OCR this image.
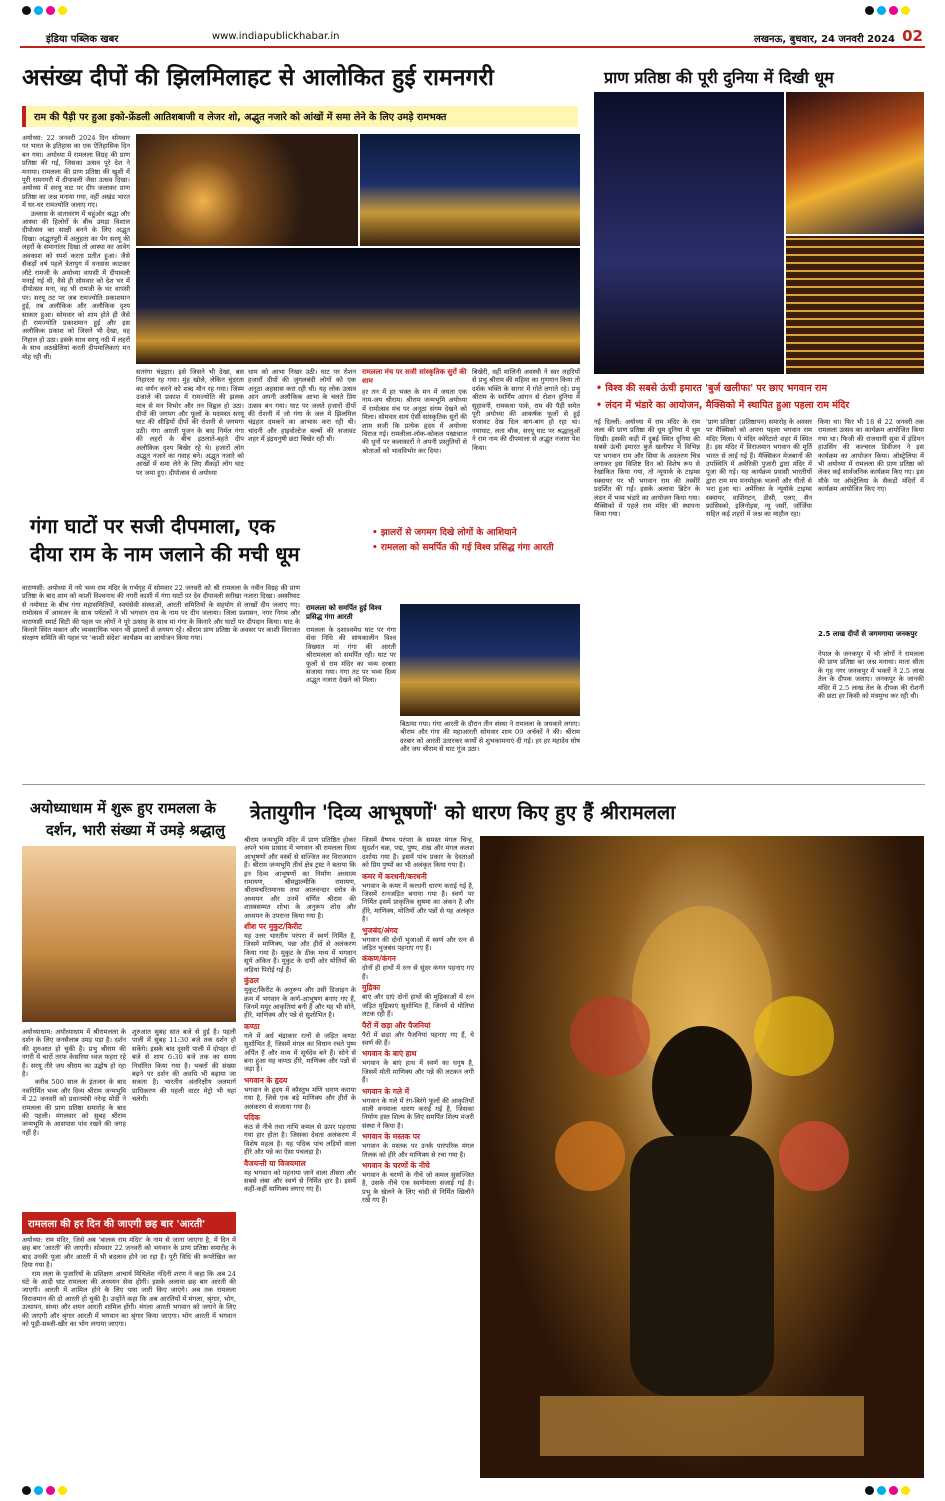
इंडिया पब्लिक खबर	www.indiapublickhabar.in	लखनऊ, बुधवार, 24 जनवरी 2024 02
असंख्य दीपों की झिलमिलाहट से आलोकित हुई रामनगरी
राम की पैड़ी पर हुआ इको-फ्रेंडली आतिशबाजी व लेजर शो, अद्भुत नजारे को आंखों में समा लेने के लिए उमड़े रामभक्त
अयोध्या: 22 जनवरी 2024 दिन सोमवार पर भारत के इतिहास का एक ऐतिहासिक दिन बन गया। अयोध्या में रामलला विग्रह की प्राण प्रतिष्ठा की गई, जिसका उत्सव पूरे देश ने मनाया। रामलला की प्राण प्रतिष्ठा की खुशी में पूरी रामनगरी में दीपावली जैसा उत्सव दिखा। अयोध्या में सरयू घाट पर दीप जलाकर प्राण प्रतिष्ठा का जश्न मनाया गया, वहीं अखंड भारत में घर-घर रामज्योति जलाए गए।
उल्लास के वातावरण में चहुंओर श्रद्धा और आस्था की हिलोरों के बीच उमड़ा विशाल दीपोत्सव का साक्षी बनने के लिए अद्भुत दिखा। अद्भुतपुरी में अलुहता का पेग सरयू की लहरों के समानांतर दिखा तो आस्था का आवेग अवकाश को स्पर्श करता प्रतीत हुआ। जैसे सैंकड़ों वर्ष पहले त्रेतायुग में वनवास काटकर लौटे रामजी के अयोध्या वापसी में दीपावली मनाई गई थी, वैसे ही सोमवार को देश भर में दीपोत्सव मना, वह भी रामजी के घर वापसी पर। सरयू तट पर जब रामज्योति प्रकाशमान हुई, तब अलौकिक और अलौकिक दृश्य साकार हुआ। सोमवार को शाम होते ही जैसे ही रामज्योति प्रकाशमान हुई और इस अलौकिक प्रकाश को जिसने भी देखा, वह निहाल हो उठा। इसके साथ सरयू नदी में लहरों के साथ अठखेलियां करती दीपमालिकाएं मन मोह रही थीं।
सतरंगा चंद्रहार। इसे जिसने भी देखा, बस निहारता रह गया। मुंह खोले, लेकिन चुंदरता का वर्णन करने को शब्द मौन रह गया। जिस्म उजाले की प्रकाश में रामज्योति की झलक मात्र से मन विभोर और तन विह्वल हो उठा। दीपों की जगमग और फूलों के मदमस्त सरयू घाट की सीढ़ियों दीपों की रोशनी से जगमगा उठी। गंगा आरती पूजन के बाद निर्मल गंगा की लहरों के बीच इठलाते-बहते दीप अलौकिक दृश्य बिखेर रहे थे। हजारों लोग अद्भुत नजारे का गवाह बने। अद्भुत नजारे को आंखों में समा लेने के लिए सैंकड़ों लोग घाट पर जमा हुए। दीपोत्सव से अयोध्या
धाम को आभा निखर उठी। घाट पर रोशन हजारों दीपों की जुगलबंदी लोगों को एक अनूठा अहसास करा रही थी। यह लोक उत्सव आन अपनी अलौकिक आभा के चलते प्रिय उत्सव बन गया। घाट पर जलते हजारों दीपों की रोशनी में जो गंगा के जल में झिलमिल चंद्रहार दमकने का आभास करा रही थी। चांदनी और हाइवोल्टेज बल्बों की सजावट शहर में इंद्रधनुषी छटा बिखेर रही थी।
रामलला मंच पर सजी सांस्कृतिक सुरों की शाम
हर तन में हर भक्त के मन में जयता एक नाम-जय श्रीराम। श्रीराम जन्मभूमि अयोध्या में रामोत्सव मंच पर अनूठा संगम देखने को मिला। सोमवार सायं ऐसी सांस्कृतिक सुरों की शाम सजी कि प्रत्येक हृदय में अयोध्या विराज गई। रामलीला-लोक-कोकल पखावाज की धुनों पर कलाकारों ने अपनी प्रस्तुतियों से श्रोताओं को भावविभोर कर दिया।
बिखेरी, वहीं मालिनी अवस्थी ने स्वर लहरियों से प्रभु श्रीराम की महिमा का गुणगान किया तो दर्शक भक्ति के सागर में गोते लगाते रहे। प्रभु श्रीराम के स्वर्णिम आंगन से रोशन दुनिया में सुहावनी, रामकथा पार्क, राम की पैड़ी समेत पूरी अयोध्या की आकर्षक फूलों से हुई सजावट देख दिल बाग-बाग हो रहा था। नयाघाट, लता चौक, सरयू घाट पर श्रद्धालुओं ने राम नाम की दीपमाला से अद्भुत नजारा पेश किया।
प्राण प्रतिष्ठा की पूरी दुनिया में दिखी धूम
• विश्व की सबसे ऊंची इमारत 'बुर्ज खलीफा' पर छाए भगवान राम
• लंदन में भंडारे का आयोजन, मैक्सिको में स्थापित हुआ पहला राम मंदिर
नई दिल्ली: अयोध्या में राम मंदिर के राम लला की प्राण प्रतिष्ठा की धूम दुनिया में धूम दिखी। इसकी कड़ी में दुबई स्थित दुनिया की सबसे ऊंची इमारत बुर्ज खलीफा में विभिन्न पर भगवान राम और सिया के अवतरण चित्र लगाकर इस विशिष्ट दिन को विशेष रूप से रेखांकित किया गया, तो न्यूयार्क के टाइम्स स्क्वायर पर भी भगवान राम की तस्वीरें प्रदर्शित की गईं। इसके अलावा ब्रिटेन के लंदन में भव्य भंडारे का आयोजन किया गया। मैक्सिको में पहले राम मंदिर की स्थापना किया गया।
'प्राण प्रतिष्ठा' (प्रतिष्ठापन) समारोह के अवसर पर मैक्सिको को अपना पहला भगवान राम मंदिर मिला। ये मंदिर क्वेरेटारो शहर में स्थित है। इस मंदिर में विराजमान भगवान की मूर्ति भारत से लाई गई हैं। मैक्सिकन मेजबानों की उपस्थिति में अमेरिकी पुजारी द्वारा मंदिर में पूजा की गई। यह कार्यक्रम प्रवासी भारतीयों द्वारा राम मय मनमोहक भजनों और गीतों से भरा हुआ था। अमेरिका के न्यूयॉर्क टाइम्स स्क्वायर, वाशिंगटन, डीसी, एलए, सैन फ्रांसिस्को, इलिनोइस, न्यू जर्सी, जॉर्जिया सहित कई शहरों में जश्न का माहौल रहा।
किया था। फिर भी 18 से 22 जनवरी तक रामलला उत्सव का कार्यक्रम आयोजित किया गया था। फिजी की राजधानी सुवा में इंडियन हाउसिंग की कल्चरल डिवीजन ने इस कार्यक्रम का आयोजन किया। ऑस्ट्रेलिया में भी अयोध्या में रामलला की प्राण प्रतिष्ठा को लेकर कई सार्वजनिक कार्यक्रम किए गए। इस मौके पर ऑस्ट्रेलिया के सैकड़ों मंदिरों में कार्यक्रम आयोजित किए गए।
2.5 लाख दीपों से जगमगाया जनकपुर
नेपाल के जनकपुर में भी लोगों ने रामलला की प्राण प्रतिष्ठा का जश्न मनाया। माता सीता के गृह नगर जनकपुर में भक्तों ने 2.5 लाख तेल के दीपक जलाए। जनकपुर के जानकी मंदिर में 2.5 लाख तेल के दीपक की रोशनी की छटा हर किसी को मंत्रमुग्ध कर रही थी।
गंगा घाटों पर सजी दीपमाला, एक
दीया राम के नाम जलाने की मची धूम
• झालरों से जगमग दिखे लोगों के आशियाने
• रामलला को समर्पित की गई विश्व प्रसिद्ध गंगा आरती
वाराणसी: अयोध्या में नये भव्य राम मंदिर के गर्भगृह में सोमवार 22 जनवरी को श्री रामलला के नवीन विग्रह की प्राण प्रतिष्ठा के बाद शाम को काशी विश्वनाथ की नगरी काशी में गंगा घाटों पर देव दीपावली सरीखा नजारा दिखा। अस्सीघाट से नमोघाट के बीच गंगा महासमितियों, स्वयंसेवी संस्थाओं, आरती समितियों के सहयोग से लाखों दीप जलाए गए। रामोत्सव में आमजन के साथ पर्यटकों ने भी भगवान राम के नाम पर दीप जलाया। जिला प्रशासन, नगर निगम और वाराणसी स्मार्ट सिटी की पहल पर लोगों ने पूरे उत्साह के साथ मां गंगा के किनारे और घाटों पर दीपदान किया। घाट के किनारे स्थित मकान और व्यवसायिक भवन भी झालरों से जगमग रहे। श्रीराम प्राण प्रतिष्ठा के अवसर पर काशी विराजत संरक्षण समिति की पहल पर 'काशी संदेश' कार्यक्रम का आयोजन किया गया।
रामलला को समर्पित हुई विश्व प्रसिद्ध गंगा आरती
रामलला के दशाश्वमेध घाट पर गंगा सेवा निधि की सांयकालीन विश्व विख्यात मां गंगा की आरती श्रीरामलला को समर्पित रही। घाट पर फूलों से राम मंदिर का भव्य दरबार सजाया गया। गंगा तट पर भव्य दिव्य अद्भुत नजारा देखने को मिला।
बिठाया गया। गंगा आरती के दौरान तीन संस्था ने रामलला के जयकारे लगाए। श्रीराम और गंगा की महाआरती सोमवार शाम 09 अर्चकों ने की। श्रीराम दरबार को आरती उतारकर कार्यों से शुभकामनाएं दी गई। हर हर महादेव घोष और जय श्रीराम से घाट गूंज उठा।
अयोध्याधाम में शुरू हुए रामलला के
दर्शन, भारी संख्या में उमड़े श्रद्धालु
अयोध्याधाम: अयोध्याधाम में श्रीरामलला के दर्शन के लिए जनसैलाब उमड़ पड़ा है। दर्शन की शुरुआत हो चुकी है। प्रभु श्रीराम की नगरी में चारों तरफ केसरिया ध्वज फहरा रहे हैं। सरयू तीरे जय श्रीराम का उद्घोष हो रहा है।
करीब 500 साल के इंतजार के बाद नवनिर्मित भव्य और दिव्य श्रीराम जन्मभूमि में 22 जनवरी को प्रधानमंत्री नरेन्द्र मोदी ने रामलला की प्राण प्रतिष्ठा समारोह के बाद की पहली। मंगलवार को सुबह श्रीराम जन्मभूमि के आसपास पांव रखने की जगह नहीं है।
शुरुआत सुबह सात बजे से हुई है। पहली पाली में सुबह 11:30 बजे तक दर्शन हो सकेंगे। इसके बाद दूसरी पाली में दोपहर दो बजे से शाम 6:30 बजे तक का समय निर्धारित किया गया है। भक्तों की संख्या बढ़ने पर दर्शन की अवधि भी बढ़ाया जा सकता है। भारतीय अंतरिक्षीय जलमार्ग प्राधिकरण की पहली वाटर मेट्रो भी यहां चलेगी।
रामलला की हर दिन की जाएगी छह बार 'आरती'
अयोध्या: राम मंदिर, जिसे अब 'बालक राम मंदिर' के नाम से जाना जाएगा है, में दिन में छह बार 'आरती' की जाएगी। सोमवार 22 जनवरी को भगवान के प्राण प्रतिष्ठा समारोह के बाद उनकी पूजा और आरती में भी बदलाव होने जा रहा है। पूरी विधि की रूपरेखित कर दिया गया है।
राम लला के पुजारियों के प्रशिक्षण आचार्य मिथिलेश नंदिनी शरण ने कहा कि अब 24 घंटे के आदी घाट रामलला की अध्ययन सेवा होगी। इसके अलावा छह बार आरती की जाएगी। आरती में शामिल होने के लिए पास जारी किए जाएंगे। अब तक रामलला विराजमान की दो आरती हो चुकी है। उन्होंने कहा कि अब आरतियों में मंगला, श्रृंगार, भोग, उत्थापन, संध्या और शयन आरती शामिल होंगी। मंगला आरती भगवान को जगाने के लिए की जाएगी और श्रृंगार आरती में भगवान का श्रृंगार किया जाएगा। भोग आरती में भगवान को पूड़ी-सब्जी-खीर का भोग लगाया जाएगा।
त्रेतायुगीन 'दिव्य आभूषणों' को धारण किए हुए हैं श्रीरामलला
श्रीराम जन्मभूमि मंदिर में प्राण प्रतिष्ठित होकर अपने भव्य प्रासाद में भगवान श्री रामलला दिव्य आभूषणों और वस्त्रों से सज्जित कर विराजमान हैं। श्रीराम जन्मभूमि तीर्थ क्षेत्र ट्रस्ट ने बताया कि इन दिव्य आभूषणों का निर्माण अध्यात्म रामायण, श्रीमद्वाल्मीकि रामायण, श्रीरामचरितमानस तथा आलवन्दार स्तोत्र के अध्ययन और उनमें वर्णित श्रीराम की शास्त्रसम्मत शोभा के अनुरूप शोध और अध्ययन के उपरान्त किया गया है।
शीश पर मुकुट/किरीट
यह उत्तर भारतीय परंपरा में स्वर्ण निर्मित है, जिसमें माणिक्य, पन्ना और हीरों से अलंकरण किया गया है। मुकुट के ठीक मध्य में भगवान सूर्य अंकित हैं। मुकुट के दायीं ओर मोतियों की लड़ियां पिरोई गई हैं।
कुंडल
मुकुट/किरीट के अनुरूप और उसी डिजाइन के क्रम में भगवान के कर्ण-आभूषण बनाए गए हैं, जिनमें मयूर आकृतियां बनी हैं और यह भी सोने, हीरे, माणिक्य और पन्ने से सुशोभित है।
कण्ठा
गले में अर्ध चंद्राकार रत्नों से जड़ित कण्ठा सुशोभित है, जिसमें मंगल का विधान रचते पुष्प अर्पित हैं और मध्य में सूर्यदेव बने हैं। सोने से बना हुआ यह कण्ठा हीरे, माणिक्य और पन्नों से जड़ा है।
भगवान के हृदय
भगवान के हृदय में कौस्तुभ मणि धारण कराया गया है, जिसे एक बड़े माणिक्य और हीरों के अलंकरण से सजाया गया है।
पदिक
कंठ से नीचे तथा नाभि कमल से ऊपर पहनाया गया हार होता है। जिसका देवता अलंकरण में विशेष महत्व है। यह पदिक पांच लड़ियों वाला हीरे और पन्ने का ऐसा पंचलड़ा है।
वैजयन्ती या विजयमाल
यह भगवान को पहनाया जाने वाला तीसरा और सबसे लंबा और स्वर्ण से निर्मित हार है। इसमें कहीं-कहीं माणिक्य लगाए गए हैं।
जिसमें वैष्णव परंपरा के समस्त मंगल चिन्ह, सुदर्शन चक्र, पद्म, पुष्प, शंख और मंगल कलश दर्शाया गया है। इसमें पांच प्रकार के देवताओं को प्रिय पुष्पों का भी अलंकृत किया गया है।
कमर में करधनी/करधनी
भगवान के कमर में करधनी धारण कराई गई है, जिसमें रत्नजड़ित बनाया गया है। स्वर्ण पर निर्मित इसमें प्राकृतिक सुषमा का अंकन है और हीरे, माणिक्य, मोतियों और पन्नों से यह अलंकृत है।
भुजबंद/अंगद
भगवान की दोनों भुजाओं में स्वर्ण और रत्न से जड़ित भुजबंध पहनाए गए हैं।
कंकण/कंगन
दोनों ही हाथों में रत्न से सुंदर कंगन पहनाए गए हैं।
मुद्रिका
बाएं और दाएं दोनों हाथों की मुद्रिकाओं में रत्न जड़ित मुद्रिकाएं सुशोभित हैं, जिनमें से मोतियां लटक रही हैं।
पैरों में छड़ा और पैजनियां
पैरों में छड़ा और पैजनियां पहनाए गए हैं, ये स्वर्ण की हैं।
भगवान के बाएं हाथ
भगवान के बाएं हाथ में स्वर्ण का धनुष है, जिसमें मोती माणिक्य और पन्ने की लटकन लगी हैं।
भगवान के गले में
भगवान के गले में रंग-बिरंगे फूलों की आकृतियों वाली वनमाला धारण कराई गई है, जिसका निर्माण हस्त शिल्प के लिए समर्पित शिल्प मंजरी संस्था ने किया है।
भगवान के मस्तक पर
भगवान के मस्तक पर उनके पारंपरिक मंगल तिलक को हीरे और माणिक्य से रचा गया है।
भगवान के चरणों के नीचे
भगवान के चरणों के नीचे जो कमल सुसज्जित है, उसके नीचे एक स्वर्णमाला सजाई गई है। प्रभु के खेलने के लिए चांदी से निर्मित खिलौने रखे गए हैं।
